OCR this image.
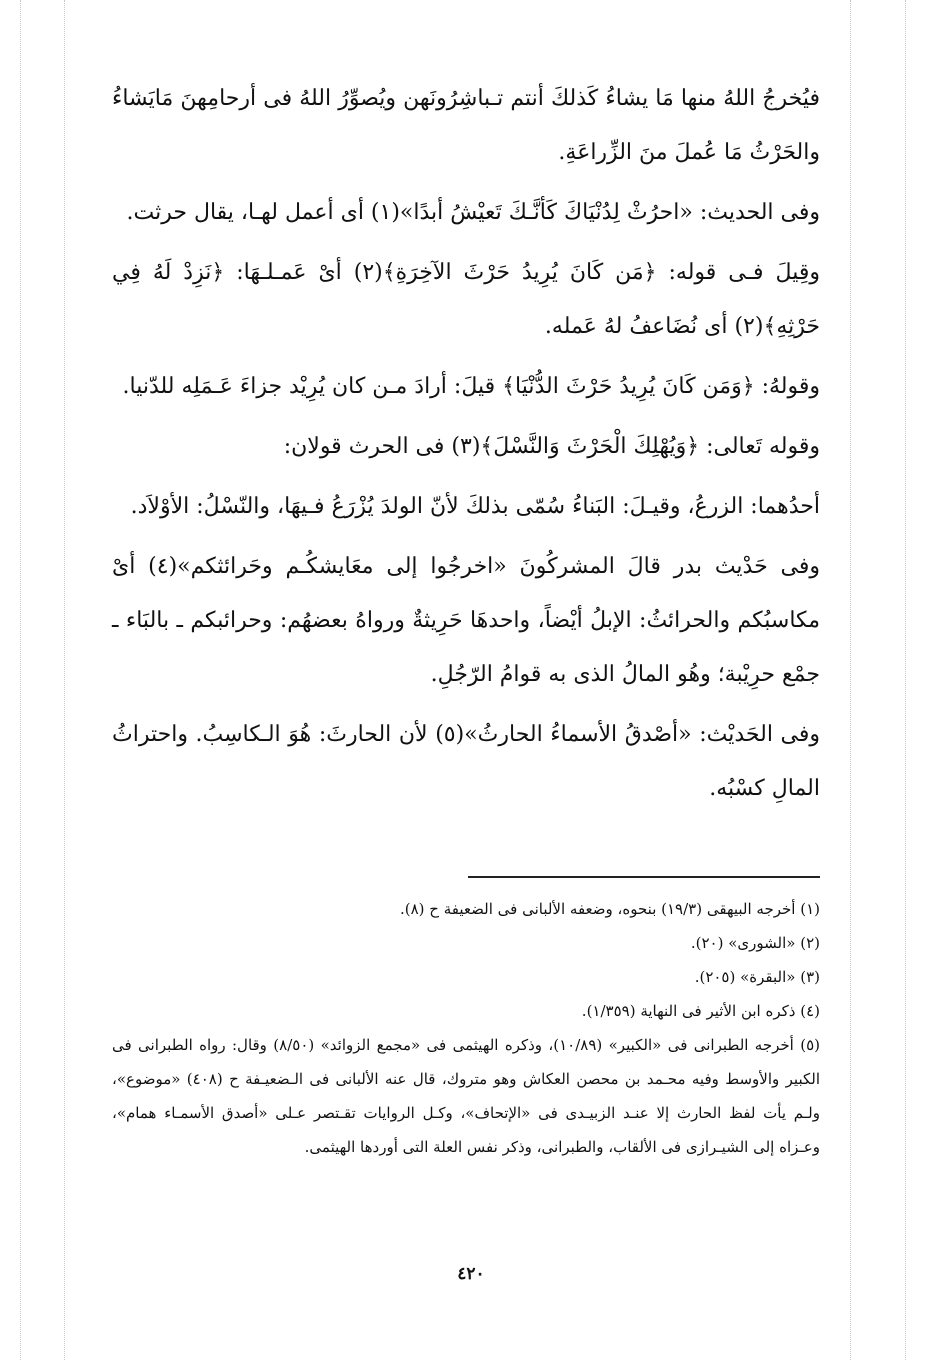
فيُخرجُ اللهُ منها مَا يشاءُ كَذلكَ أنتم تـباشِرُونَهن ويُصوِّرُ اللهُ فى أرحامِهنَ مَايَشاءُ والحَرْثُ مَا عُملَ منَ الزِّراعَةِ.

وفى الحديث: «احرُثْ لِدُنْيَاكَ كَأنَّـكَ تَعيْشُ أبدًا»(١) أى أعمل لهـا، يقال حرثت.

وقِيلَ فـى قوله: ﴿مَن كَانَ يُرِيدُ حَرْثَ الآخِرَةِ﴾(٢) أىْ عَمـلـهَا: ﴿نَزِدْ لَهُ فِي حَرْثِهِ﴾(٢) أى نُضَاعفُ لهُ عَمله.

وقولهُ: ﴿وَمَن كَانَ يُرِيدُ حَرْثَ الدُّنْيَا﴾ قيلَ: أرادَ مـن كان يُرِيْد جزاءَ عَـمَلِه للدّنيا.

وقوله تَعالى: ﴿وَيُهْلِكَ الْحَرْثَ وَالنَّسْلَ﴾(٣) فى الحرث قولان:

أحدُهما: الزرعُ، وقيـلَ: البَناءُ سُمّى بذلكَ لأنّ الولدَ يُزْرَعُ فـيهَا، والنّسْلُ: الأوْلاَد.

وفى حَدْيث بدر قالَ المشركُونَ «اخرجُوا إلى معَايشكُـم وحَرائثكم»(٤) أىْ مكاسبُكم والحرائثُ: الإبلُ أيْضاً، واحدهَا حَرِيثةٌ ورواهُ بعضهُم: وحرائبكم ـ بالبَاء ـ جمْع حرِيْبة؛ وهُو المالُ الذى به قوامُ الرّجُلِ.

وفى الحَديْث: «أصْدقُ الأسماءُ الحارثُ»(٥) لأن الحارثَ: هُوَ الـكاسِبُ. واحتراثُ المالِ كسْبُه.

(١) أخرجه البيهقى (١٩/٣) بنحوه، وضعفه الألبانى فى الضعيفة ح (٨).

(٢) «الشورى» (٢٠).

(٣) «البقرة» (٢٠٥).

(٤) ذكره ابن الأثير فى النهاية (١/٣٥٩).

(٥) أخرجه الطبرانى فى «الكبير» (١٠/٨٩)، وذكره الهيثمى فى «مجمع الزوائد» (٨/٥٠) وقال: رواه الطبرانى فى الكبير والأوسط وفيه محـمد بن محصن العكاش وهو متروك، قال عنه الألبانى فى الـضعيـفة ح (٤٠٨) «موضوع»، ولـم يأت لفظ الحارث إلا عنـد الزبيـدى فى «الإتحاف»، وكـل الروايات تقـتصر عـلى «أصدق الأسمـاء همام»، وعـزاه إلى الشيـرازى فى الألقاب، والطبرانى، وذكر نفس العلة التى أوردها الهيثمى.

٤٢٠
